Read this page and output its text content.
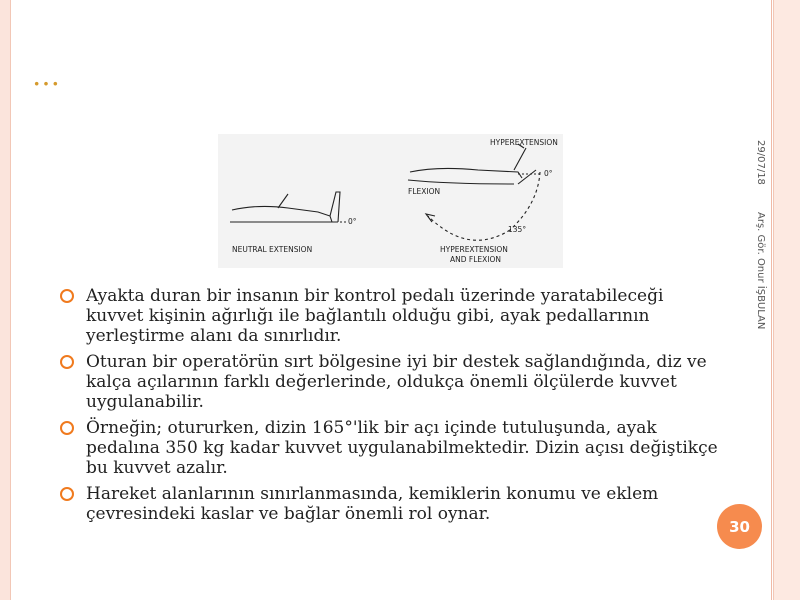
…
29/07/18
Arş. Gör. Onur İŞBULAN
0°
NEUTRAL EXTENSION
HYPEREXTENSION
0°
FLEXION
135°
HYPEREXTENSION
AND FLEXION
Ayakta duran bir insanın bir kontrol pedalı üzerinde yaratabileceği kuvvet kişinin ağırlığı ile bağlantılı olduğu gibi, ayak pedallarının yerleştirme alanı da sınırlıdır.
Oturan bir operatörün sırt bölgesine iyi bir destek sağlandığında, diz ve kalça açılarının farklı değerlerinde, oldukça önemli ölçülerde kuvvet uygulanabilir.
Örneğin; otururken, dizin 165°'lik bir açı içinde tutuluşunda, ayak pedalına 350 kg kadar kuvvet uygulanabilmektedir. Dizin açısı değiştikçe bu kuvvet azalır.
Hareket alanlarının sınırlanmasında, kemiklerin konumu ve eklem çevresindeki kaslar ve bağlar önemli rol oynar.
30
